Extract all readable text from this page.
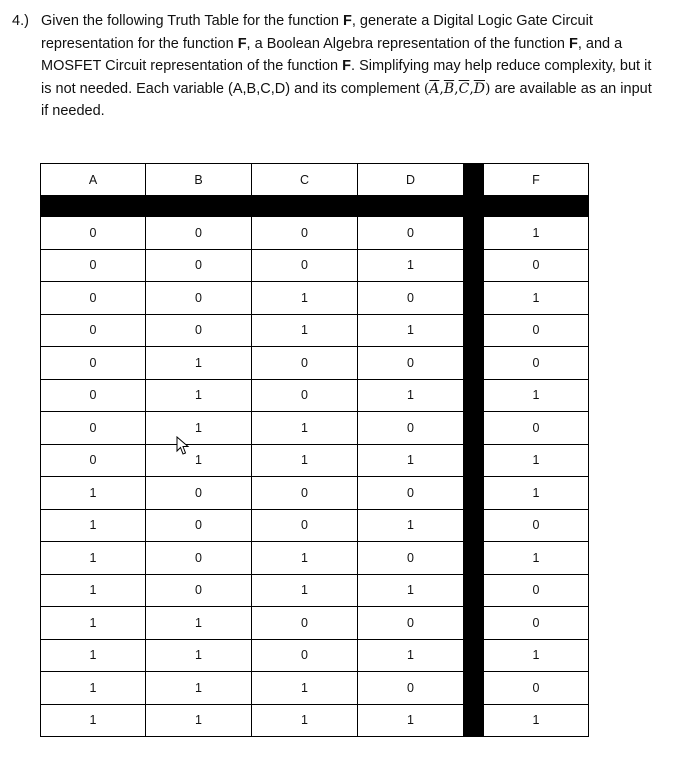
4.) Given the following Truth Table for the function F, generate a Digital Logic Gate Circuit
representation for the function F, a Boolean Algebra representation of the function F, and a
MOSFET Circuit representation of the function F. Simplifying may help reduce complexity, but it
is not needed. Each variable (A,B,C,D) and its complement $(\overline{A},\overline{B},\overline{C},\overline{D})$ are available as an input
if needed.
A	B	C	D		F

0	0	0	0		1
0	0	0	1		0
0	0	1	0		1
0	0	1	1		0
0	1	0	0		0
0	1	0	1		1
0	1	1	0		0
0	1	1	1		1
1	0	0	0		1
1	0	0	1		0
1	0	1	0		1
1	0	1	1		0
1	1	0	0		0
1	1	0	1		1
1	1	1	0		0
1	1	1	1		1
